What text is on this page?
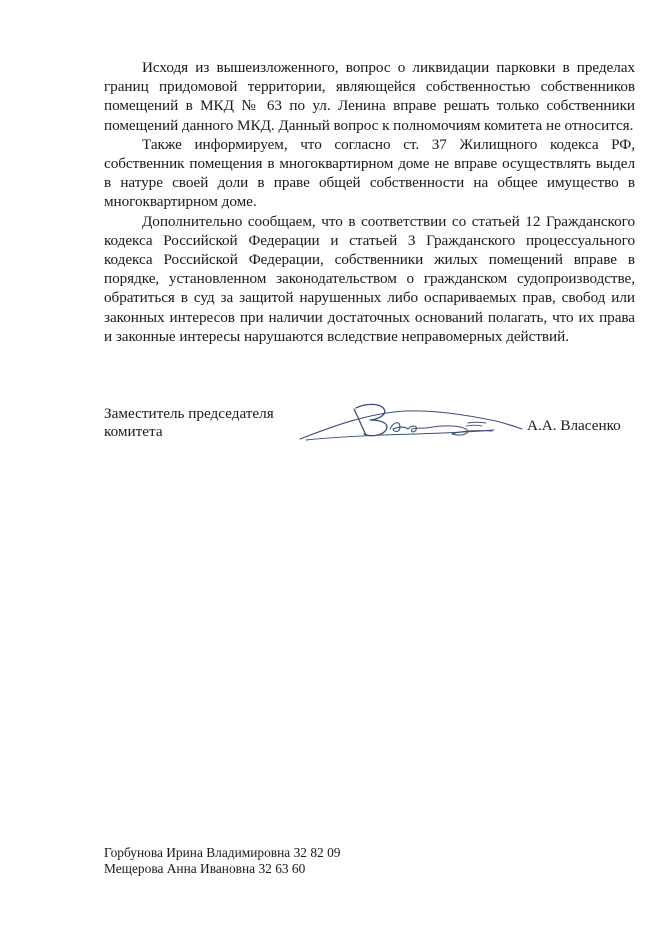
Исходя из вышеизложенного, вопрос о ликвидации парковки в пределах границ придомовой территории, являющейся собственностью собственников помещений в МКД № 63 по ул. Ленина вправе решать только собственники помещений данного МКД. Данный вопрос к полномочиям комитета не относится.

Также информируем, что согласно ст. 37 Жилищного кодекса РФ, собственник помещения в многоквартирном доме не вправе осуществлять выдел в натуре своей доли в праве общей собственности на общее имущество в многоквартирном доме.

Дополнительно сообщаем, что в соответствии со статьей 12 Гражданского кодекса Российской Федерации и статьей 3 Гражданского процессуального кодекса Российской Федерации, собственники жилых помещений вправе в порядке, установленном законодательством о гражданском судопроизводстве, обратиться в суд за защитой нарушенных либо оспариваемых прав, свобод или законных интересов при наличии достаточных оснований полагать, что их права и законные интересы нарушаются вследствие неправомерных действий.

Заместитель председателя
комитета	А.А. Власенко

Горбунова Ирина Владимировна 32 82 09
Мещерова Анна Ивановна 32 63 60
